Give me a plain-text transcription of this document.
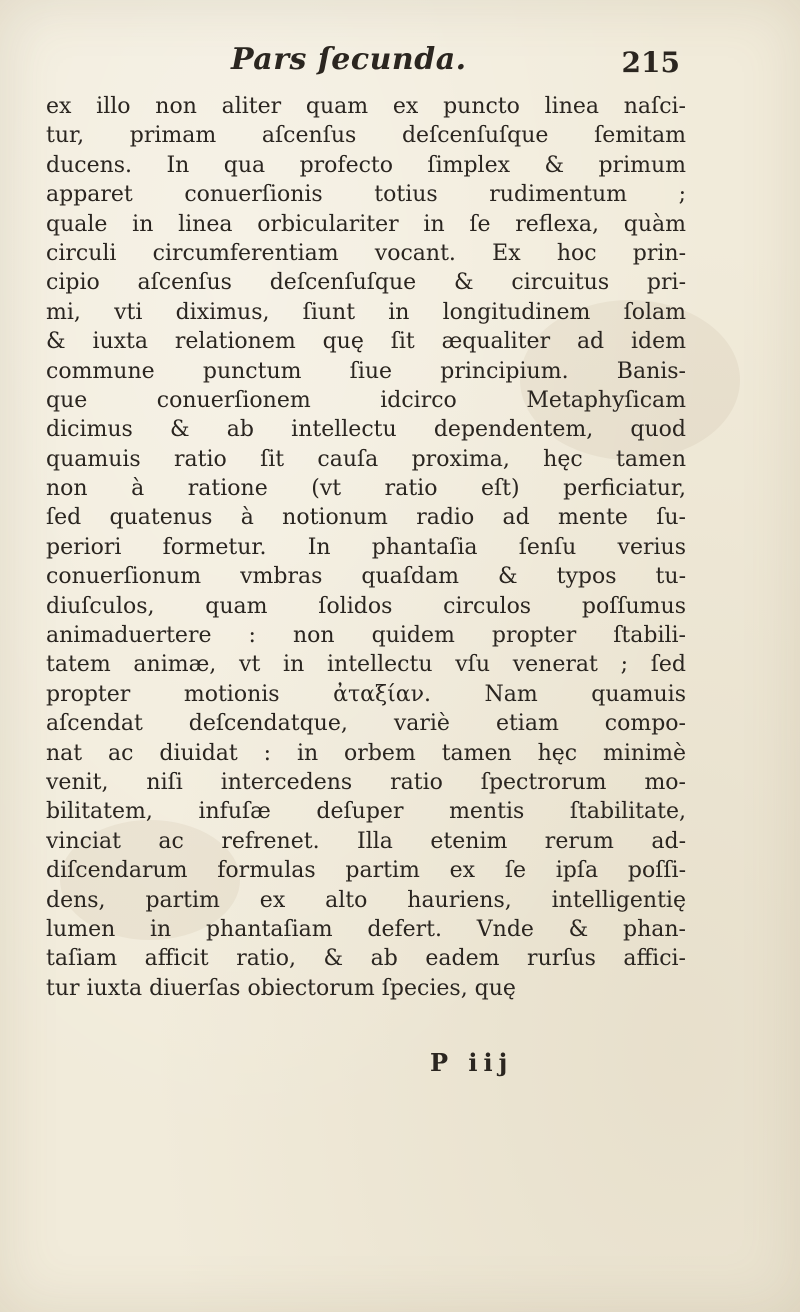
Pars ſecunda.	215
ex illo non aliter quam ex puncto linea naſci-
tur, primam aſcenſus deſcenſuſque ſemitam
ducens. In qua profecto ſimplex & primum
apparet conuerſionis totius rudimentum ;
quale in linea orbiculariter in ſe reflexa, quàm
circuli circumferentiam vocant. Ex hoc prin-
cipio aſcenſus deſcenſuſque & circuitus pri-
mi, vti diximus, ſiunt in longitudinem ſolam
& iuxta relationem quę ſit æqualiter ad idem
commune punctum ſiue principium. Banis-
que conuerſionem idcirco Metaphyſicam
dicimus & ab intellectu dependentem, quod
quamuis ratio ſit cauſa proxima, hęc tamen
non à ratione (vt ratio eſt) perficiatur,
ſed quatenus à notionum radio ad mente ſu-
periori formetur. In phantaſia ſenſu verius
conuerſionum vmbras quaſdam & typos tu-
diuſculos, quam ſolidos circulos poſſumus
animaduertere : non quidem propter ſtabili-
tatem animæ, vt in intellectu vſu venerat ; ſed
propter motionis ἀταξίαν. Nam quamuis
aſcendat deſcendatque, variè etiam compo-
nat ac diuidat : in orbem tamen hęc minimè
venit, niſi intercedens ratio ſpectrorum mo-
bilitatem, infuſæ deſuper mentis ſtabilitate,
vinciat ac refrenet. Illa etenim rerum ad-
diſcendarum formulas partim ex ſe ipſa poſſi-
dens, partim ex alto hauriens, intelligentię
lumen in phantaſiam defert. Vnde & phan-
taſiam afficit ratio, & ab eadem rurſus affici-
tur iuxta diuerſas obiectorum ſpecies, quę
P iij
